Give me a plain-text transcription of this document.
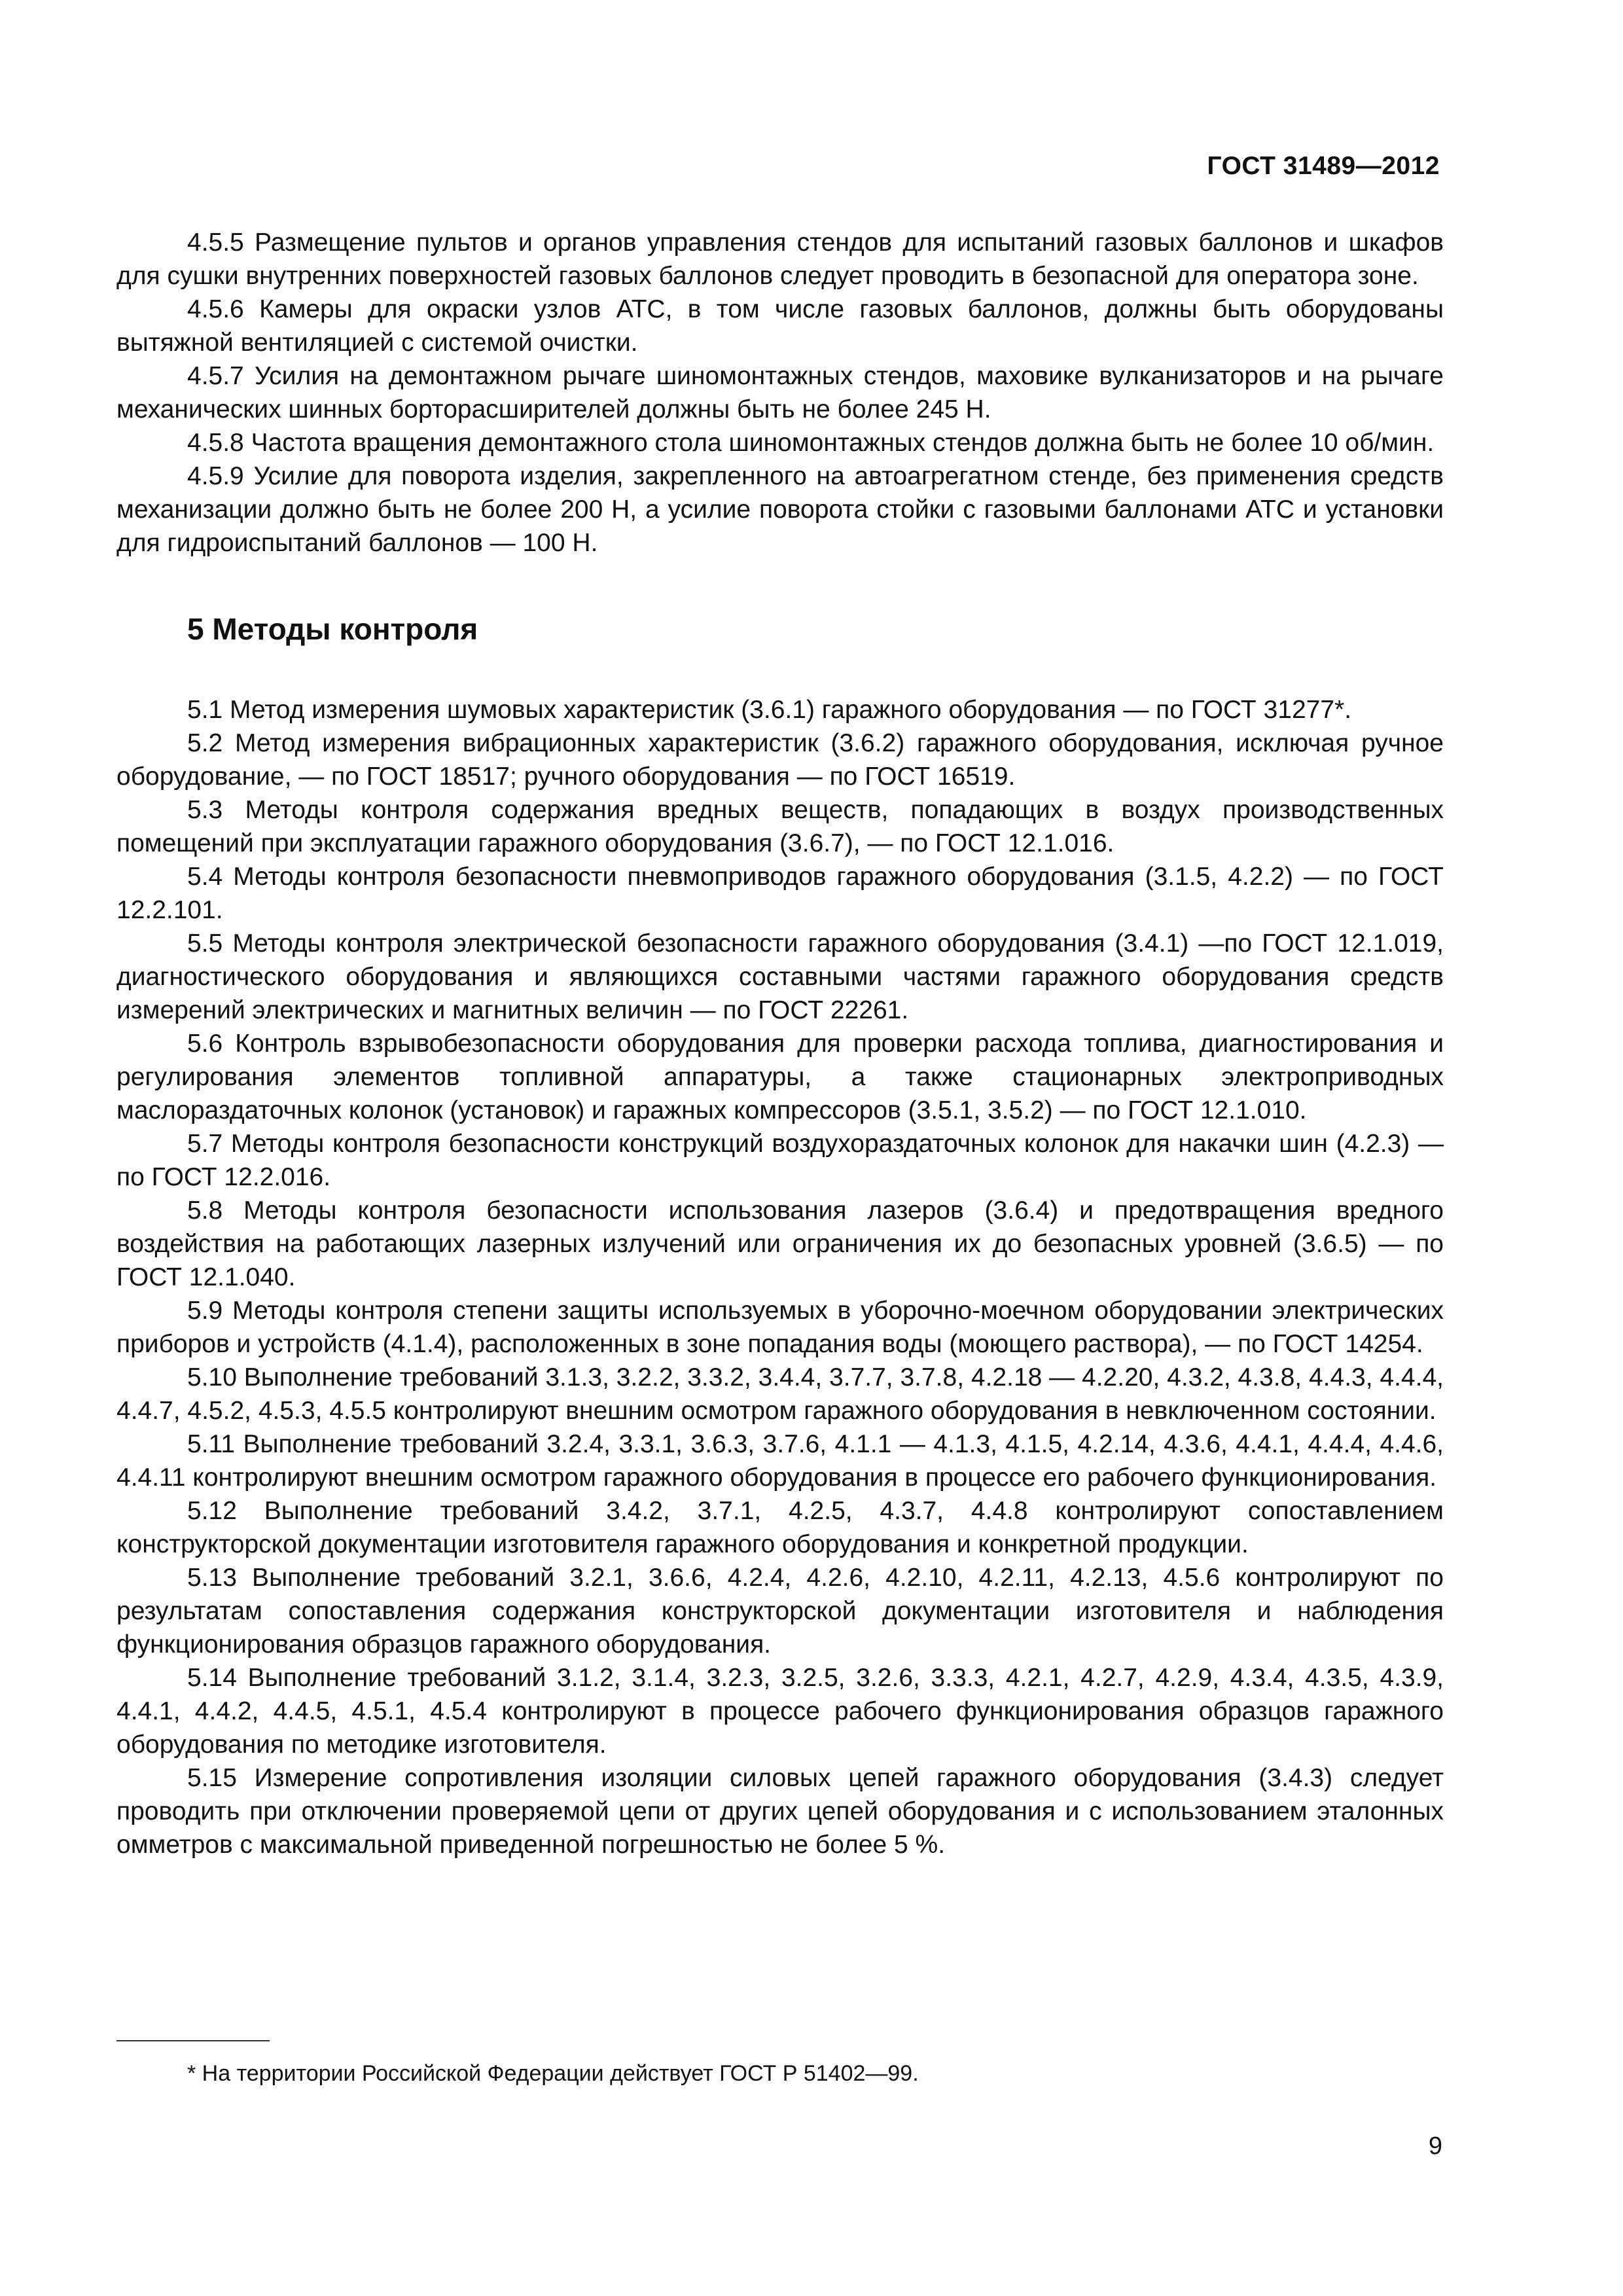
ГОСТ 31489—2012

4.5.5 Размещение пультов и органов управления стендов для испытаний газовых баллонов и шкафов для сушки внутренних поверхностей газовых баллонов следует проводить в безопасной для оператора зоне.

4.5.6 Камеры для окраски узлов АТС, в том числе газовых баллонов, должны быть оборудованы вытяжной вентиляцией с системой очистки.

4.5.7 Усилия на демонтажном рычаге шиномонтажных стендов, маховике вулканизаторов и на рычаге механических шинных борторасширителей должны быть не более 245 Н.

4.5.8 Частота вращения демонтажного стола шиномонтажных стендов должна быть не более 10 об/мин.

4.5.9 Усилие для поворота изделия, закрепленного на автоагрегатном стенде, без применения средств механизации должно быть не более 200 Н, а усилие поворота стойки с газовыми баллонами АТС и установки для гидроиспытаний баллонов — 100 Н.

5 Методы контроля

5.1 Метод измерения шумовых характеристик (3.6.1) гаражного оборудования — по ГОСТ 31277*.

5.2 Метод измерения вибрационных характеристик (3.6.2) гаражного оборудования, исключая ручное оборудование, — по ГОСТ 18517; ручного оборудования — по ГОСТ 16519.

5.3 Методы контроля содержания вредных веществ, попадающих в воздух производственных помещений при эксплуатации гаражного оборудования (3.6.7), — по ГОСТ 12.1.016.

5.4 Методы контроля безопасности пневмоприводов гаражного оборудования (3.1.5, 4.2.2) — по ГОСТ 12.2.101.

5.5 Методы контроля электрической безопасности гаражного оборудования (3.4.1) —по ГОСТ 12.1.019, диагностического оборудования и являющихся составными частями гаражного оборудования средств измерений электрических и магнитных величин — по ГОСТ 22261.

5.6 Контроль взрывобезопасности оборудования для проверки расхода топлива, диагностирования и регулирования элементов топливной аппаратуры, а также стационарных электроприводных маслораздаточных колонок (установок) и гаражных компрессоров (3.5.1, 3.5.2) — по ГОСТ 12.1.010.

5.7 Методы контроля безопасности конструкций воздухораздаточных колонок для накачки шин (4.2.3) — по ГОСТ 12.2.016.

5.8 Методы контроля безопасности использования лазеров (3.6.4) и предотвращения вредного воздействия на работающих лазерных излучений или ограничения их до безопасных уровней (3.6.5) — по ГОСТ 12.1.040.

5.9 Методы контроля степени защиты используемых в уборочно-моечном оборудовании электрических приборов и устройств (4.1.4), расположенных в зоне попадания воды (моющего раствора), — по ГОСТ 14254.

5.10 Выполнение требований 3.1.3, 3.2.2, 3.3.2, 3.4.4, 3.7.7, 3.7.8, 4.2.18 — 4.2.20, 4.3.2, 4.3.8, 4.4.3, 4.4.4, 4.4.7, 4.5.2, 4.5.3, 4.5.5 контролируют внешним осмотром гаражного оборудования в невключенном состоянии.

5.11 Выполнение требований 3.2.4, 3.3.1, 3.6.3, 3.7.6, 4.1.1 — 4.1.3, 4.1.5, 4.2.14, 4.3.6, 4.4.1, 4.4.4, 4.4.6, 4.4.11 контролируют внешним осмотром гаражного оборудования в процессе его рабочего функционирования.

5.12 Выполнение требований 3.4.2, 3.7.1, 4.2.5, 4.3.7, 4.4.8 контролируют сопоставлением конструкторской документации изготовителя гаражного оборудования и конкретной продукции.

5.13 Выполнение требований 3.2.1, 3.6.6, 4.2.4, 4.2.6, 4.2.10, 4.2.11, 4.2.13, 4.5.6 контролируют по результатам сопоставления содержания конструкторской документации изготовителя и наблюдения функционирования образцов гаражного оборудования.

5.14 Выполнение требований 3.1.2, 3.1.4, 3.2.3, 3.2.5, 3.2.6, 3.3.3, 4.2.1, 4.2.7, 4.2.9, 4.3.4, 4.3.5, 4.3.9, 4.4.1, 4.4.2, 4.4.5, 4.5.1, 4.5.4 контролируют в процессе рабочего функционирования образцов гаражного оборудования по методике изготовителя.

5.15 Измерение сопротивления изоляции силовых цепей гаражного оборудования (3.4.3) следует проводить при отключении проверяемой цепи от других цепей оборудования и с использованием эталонных омметров с максимальной приведенной погрешностью не более 5 %.

* На территории Российской Федерации действует ГОСТ Р 51402—99.
9
